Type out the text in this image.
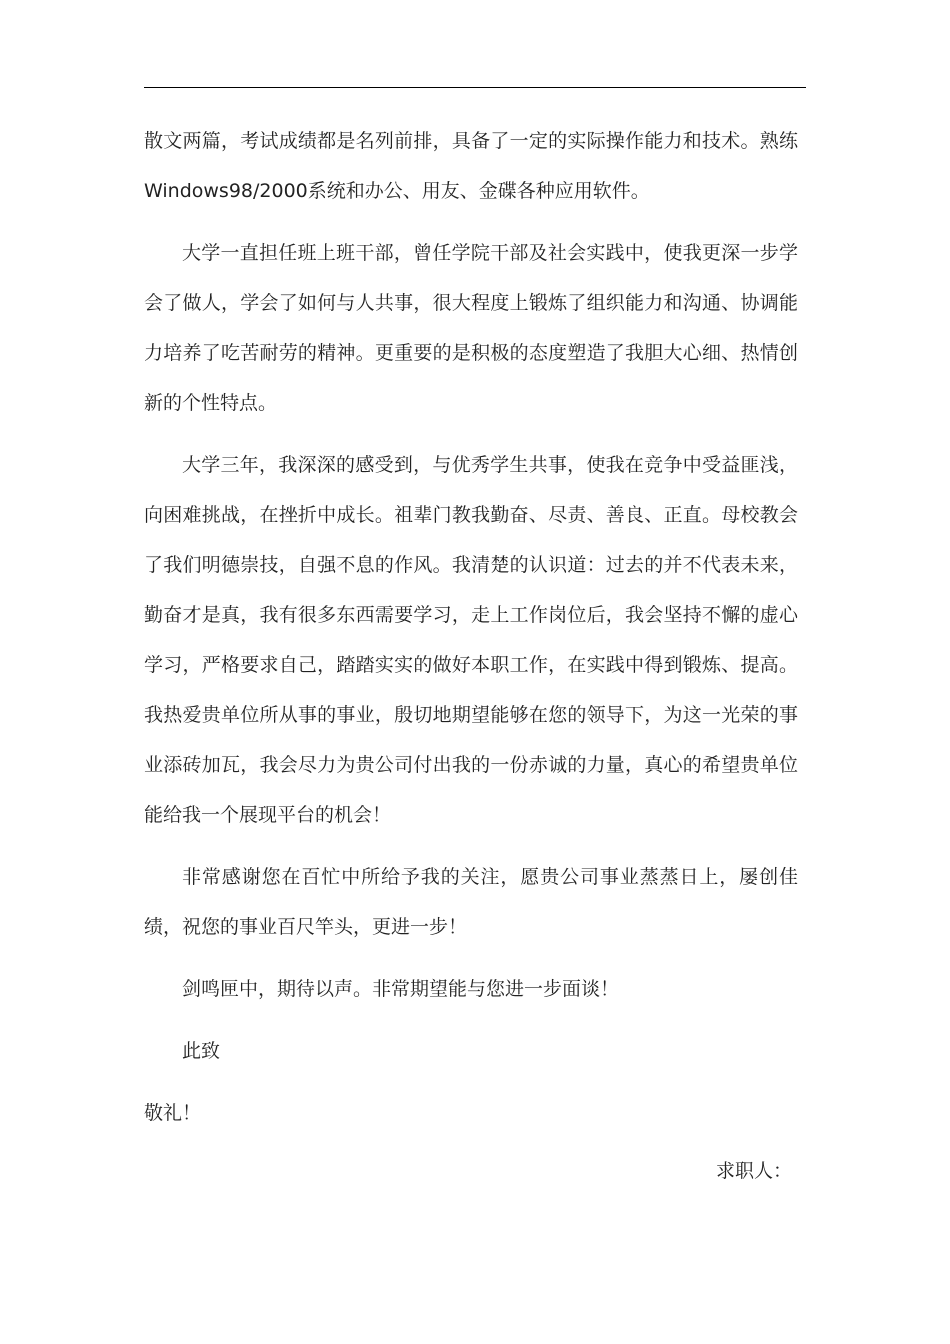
散文两篇，考试成绩都是名列前排，具备了一定的实际操作能力和技术。熟练Windows98/2000系统和办公、用友、金碟各种应用软件。

大学一直担任班上班干部，曾任学院干部及社会实践中，使我更深一步学会了做人，学会了如何与人共事，很大程度上锻炼了组织能力和沟通、协调能力培养了吃苦耐劳的精神。更重要的是积极的态度塑造了我胆大心细、热情创新的个性特点。

大学三年，我深深的感受到，与优秀学生共事，使我在竞争中受益匪浅，向困难挑战，在挫折中成长。祖辈门教我勤奋、尽责、善良、正直。母校教会了我们明德崇技，自强不息的作风。我清楚的认识道：过去的并不代表未来，勤奋才是真，我有很多东西需要学习，走上工作岗位后，我会坚持不懈的虚心学习，严格要求自己，踏踏实实的做好本职工作，在实践中得到锻炼、提高。我热爱贵单位所从事的事业，殷切地期望能够在您的领导下，为这一光荣的事业添砖加瓦，我会尽力为贵公司付出我的一份赤诚的力量，真心的希望贵单位能给我一个展现平台的机会！

非常感谢您在百忙中所给予我的关注，愿贵公司事业蒸蒸日上，屡创佳绩，祝您的事业百尺竿头，更进一步！

剑鸣匣中，期待以声。非常期望能与您进一步面谈！

此致

敬礼！

求职人：
